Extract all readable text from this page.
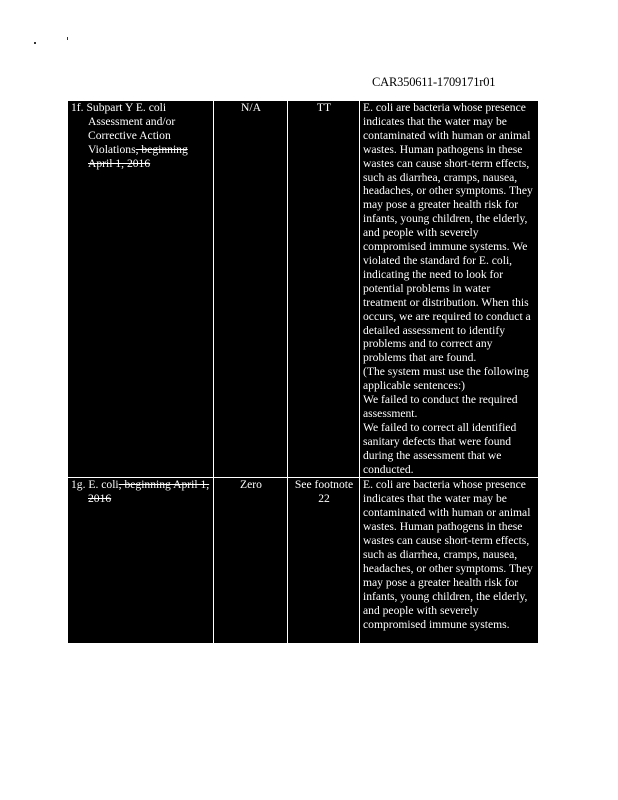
CAR350611-1709171r01
1f. Subpart Y E. coli Assessment and/or Corrective Action Violations, beginning April 1, 2016	N/A	TT	E. coli are bacteria whose presence indicates that the water may be contaminated with human or animal wastes. Human pathogens in these wastes can cause short-term effects, such as diarrhea, cramps, nausea, headaches, or other symptoms. They may pose a greater health risk for infants, young children, the elderly, and people with severely compromised immune systems. We violated the standard for E. coli, indicating the need to look for potential problems in water treatment or distribution. When this occurs, we are required to conduct a detailed assessment to identify problems and to correct any problems that are found.

(The system must use the following applicable sentences:)

We failed to conduct the required assessment.

We failed to correct all identified sanitary defects that were found during the assessment that we conducted.

1g. E. coli, beginning April 1, 2016	Zero	See footnote 22	E. coli are bacteria whose presence indicates that the water may be contaminated with human or animal wastes. Human pathogens in these wastes can cause short-term effects, such as diarrhea, cramps, nausea, headaches, or other symptoms. They may pose a greater health risk for infants, young children, the elderly, and people with severely compromised immune systems.
